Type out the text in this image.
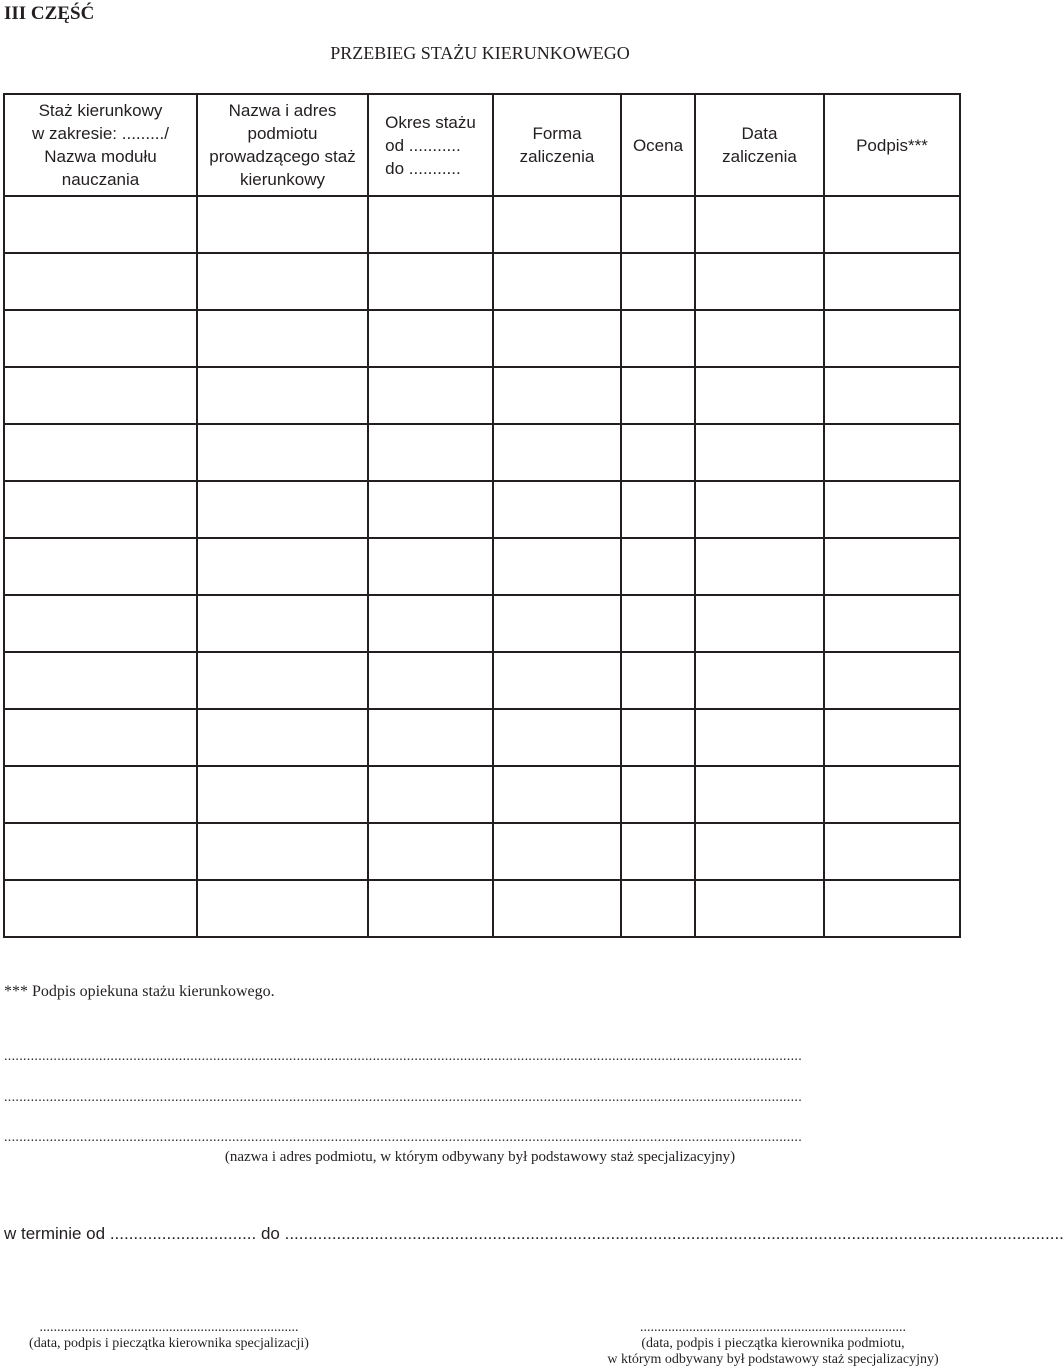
III CZĘŚĆ
PRZEBIEG STAŻU KIERUNKOWEGO
Staż kierunkowy
w zakresie: ........./
Nazwa modułu
nauczania	Nazwa i adres
podmiotu
prowadzącego staż
kierunkowy	Okres stażu
od ...........
do ...........	Forma
zaliczenia	Ocena	Data
zaliczenia	Podpis***

*** Podpis opiekuna stażu kierunkowego.
..................................................................................................................................................................................................................
..................................................................................................................................................................................................................
..................................................................................................................................................................................................................
(nazwa i adres podmiotu, w którym odbywany był podstawowy staż specjalizacyjny)
w terminie od ............................... do .....................................................................................................................................................................
..........................................................................
(data, podpis i pieczątka kierownika specjalizacji)
............................................................................
(data, podpis i pieczątka kierownika podmiotu,
w którym odbywany był podstawowy staż specjalizacyjny)
